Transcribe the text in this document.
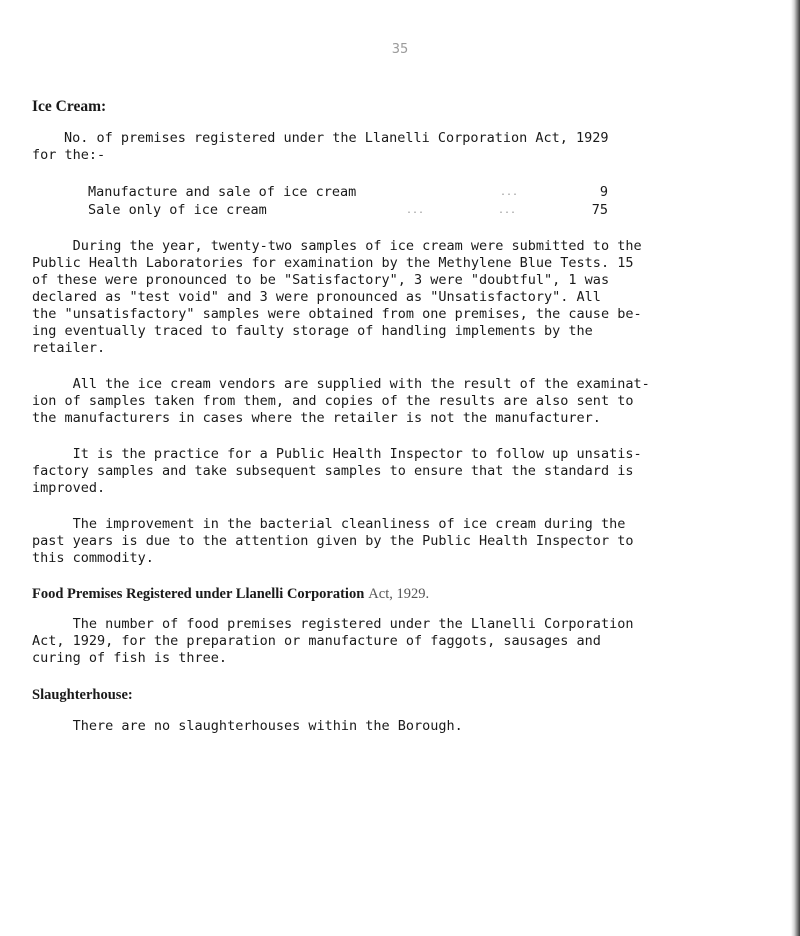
35
Ice Cream:
No. of premises registered under the Llanelli Corporation Act, 1929
for the:-
Manufacture and sale of ice cream	...	9
Sale only of ice cream	...	...	75
During the year, twenty-two samples of ice cream were submitted to the
Public Health Laboratories for examination by the Methylene Blue Tests. 15
of these were pronounced to be "Satisfactory", 3 were "doubtful", 1 was
declared as "test void" and 3 were pronounced as "Unsatisfactory". All
the "unsatisfactory" samples were obtained from one premises, the cause be-
ing eventually traced to faulty storage of handling implements by the
retailer.
All the ice cream vendors are supplied with the result of the examinat-
ion of samples taken from them, and copies of the results are also sent to
the manufacturers in cases where the retailer is not the manufacturer.
It is the practice for a Public Health Inspector to follow up unsatis-
factory samples and take subsequent samples to ensure that the standard is
improved.
The improvement in the bacterial cleanliness of ice cream during the
past years is due to the attention given by the Public Health Inspector to
this commodity.
Food Premises Registered under Llanelli Corporation Act, 1929.
The number of food premises registered under the Llanelli Corporation
Act, 1929, for the preparation or manufacture of faggots, sausages and
curing of fish is three.
Slaughterhouse:
There are no slaughterhouses within the Borough.
